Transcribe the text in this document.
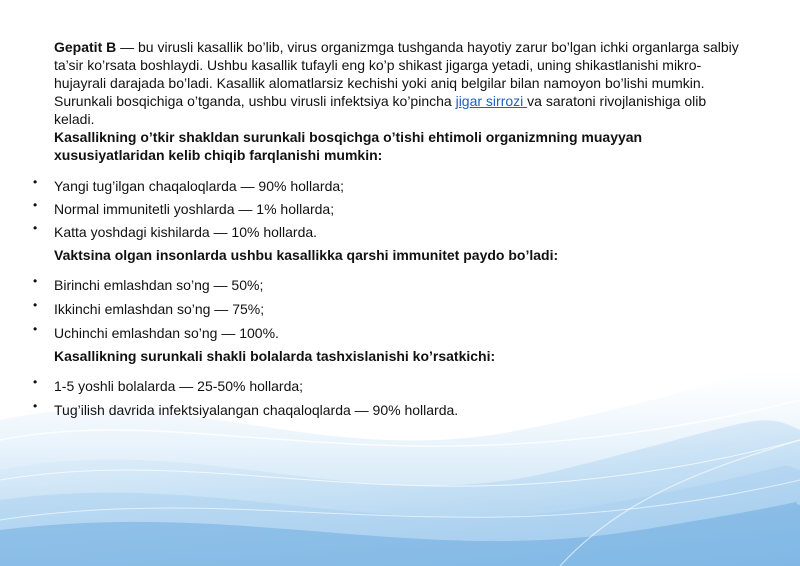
Gepatit B — bu virusli kasallik bo’lib, virus organizmga tushganda hayotiy zarur bo’lgan ichki organlarga salbiy ta’sir ko’rsata boshlaydi. Ushbu kasallik tufayli eng ko’p shikast jigarga yetadi, uning shikastlanishi mikro-hujayrali darajada bo’ladi. Kasallik alomatlarsiz kechishi yoki aniq belgilar bilan namoyon bo’lishi mumkin. Surunkali bosqichiga o’tganda, ushbu virusli infektsiya ko’pincha jigar sirrozi va saratoni rivojlanishiga olib keladi.
Kasallikning o’tkir shakldan surunkali bosqichga o’tishi ehtimoli organizmning muayyan xususiyatlaridan kelib chiqib farqlanishi mumkin:
• Yangi tug’ilgan chaqaloqlarda — 90% hollarda;
• Normal immunitetli yoshlarda — 1% hollarda;
• Katta yoshdagi kishilarda — 10% hollarda.
Vaktsina olgan insonlarda ushbu kasallikka qarshi immunitet paydo bo’ladi:
• Birinchi emlashdan so’ng — 50%;
• Ikkinchi emlashdan so’ng — 75%;
• Uchinchi emlashdan so’ng — 100%.
Kasallikning surunkali shakli bolalarda tashxislanishi ko’rsatkichi:
• 1-5 yoshli bolalarda — 25-50% hollarda;
• Tug’ilish davrida infektsiyalangan chaqaloqlarda — 90% hollarda.
